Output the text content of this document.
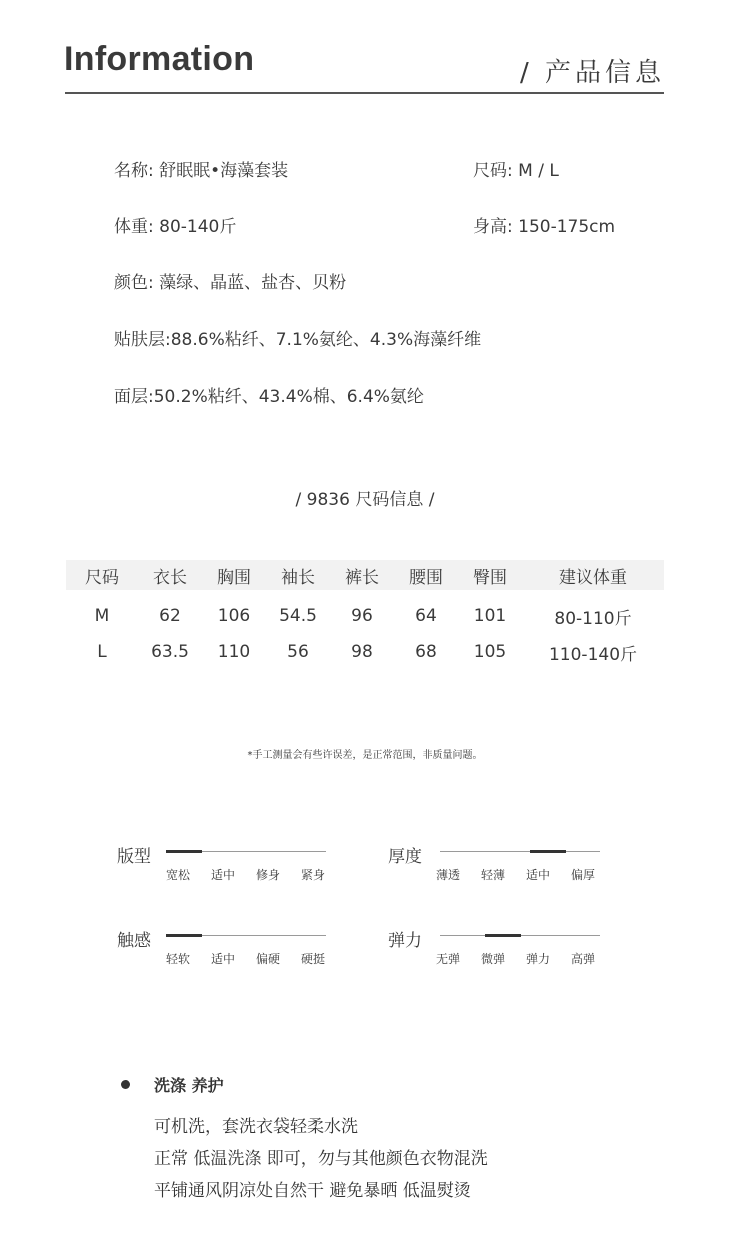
Information	/ 产品信息
名称: 舒眠眠•海藻套装	尺码: M / L
体重: 80-140斤	身高: 150-175cm
颜色: 藻绿、晶蓝、盐杏、贝粉
贴肤层:88.6%粘纤、7.1%氨纶、4.3%海藻纤维
面层:50.2%粘纤、43.4%棉、6.4%氨纶
/ 9836 尺码信息 /
尺码	衣长	胸围	袖长	裤长	腰围	臀围	建议体重
M	62	106	54.5	96	64	101	80-110斤
L	63.5	110	56	98	68	105	110-140斤
*手工测量会有些许误差，是正常范围，非质量问题。
版型
宽松	适中	修身	紧身
厚度
薄透	轻薄	适中	偏厚
触感
轻软	适中	偏硬	硬挺
弹力
无弹	微弹	弹力	高弹
洗涤 养护
可机洗，套洗衣袋轻柔水洗
正常 低温洗涤 即可，勿与其他颜色衣物混洗
平铺通风阴凉处自然干 避免暴晒 低温熨烫
